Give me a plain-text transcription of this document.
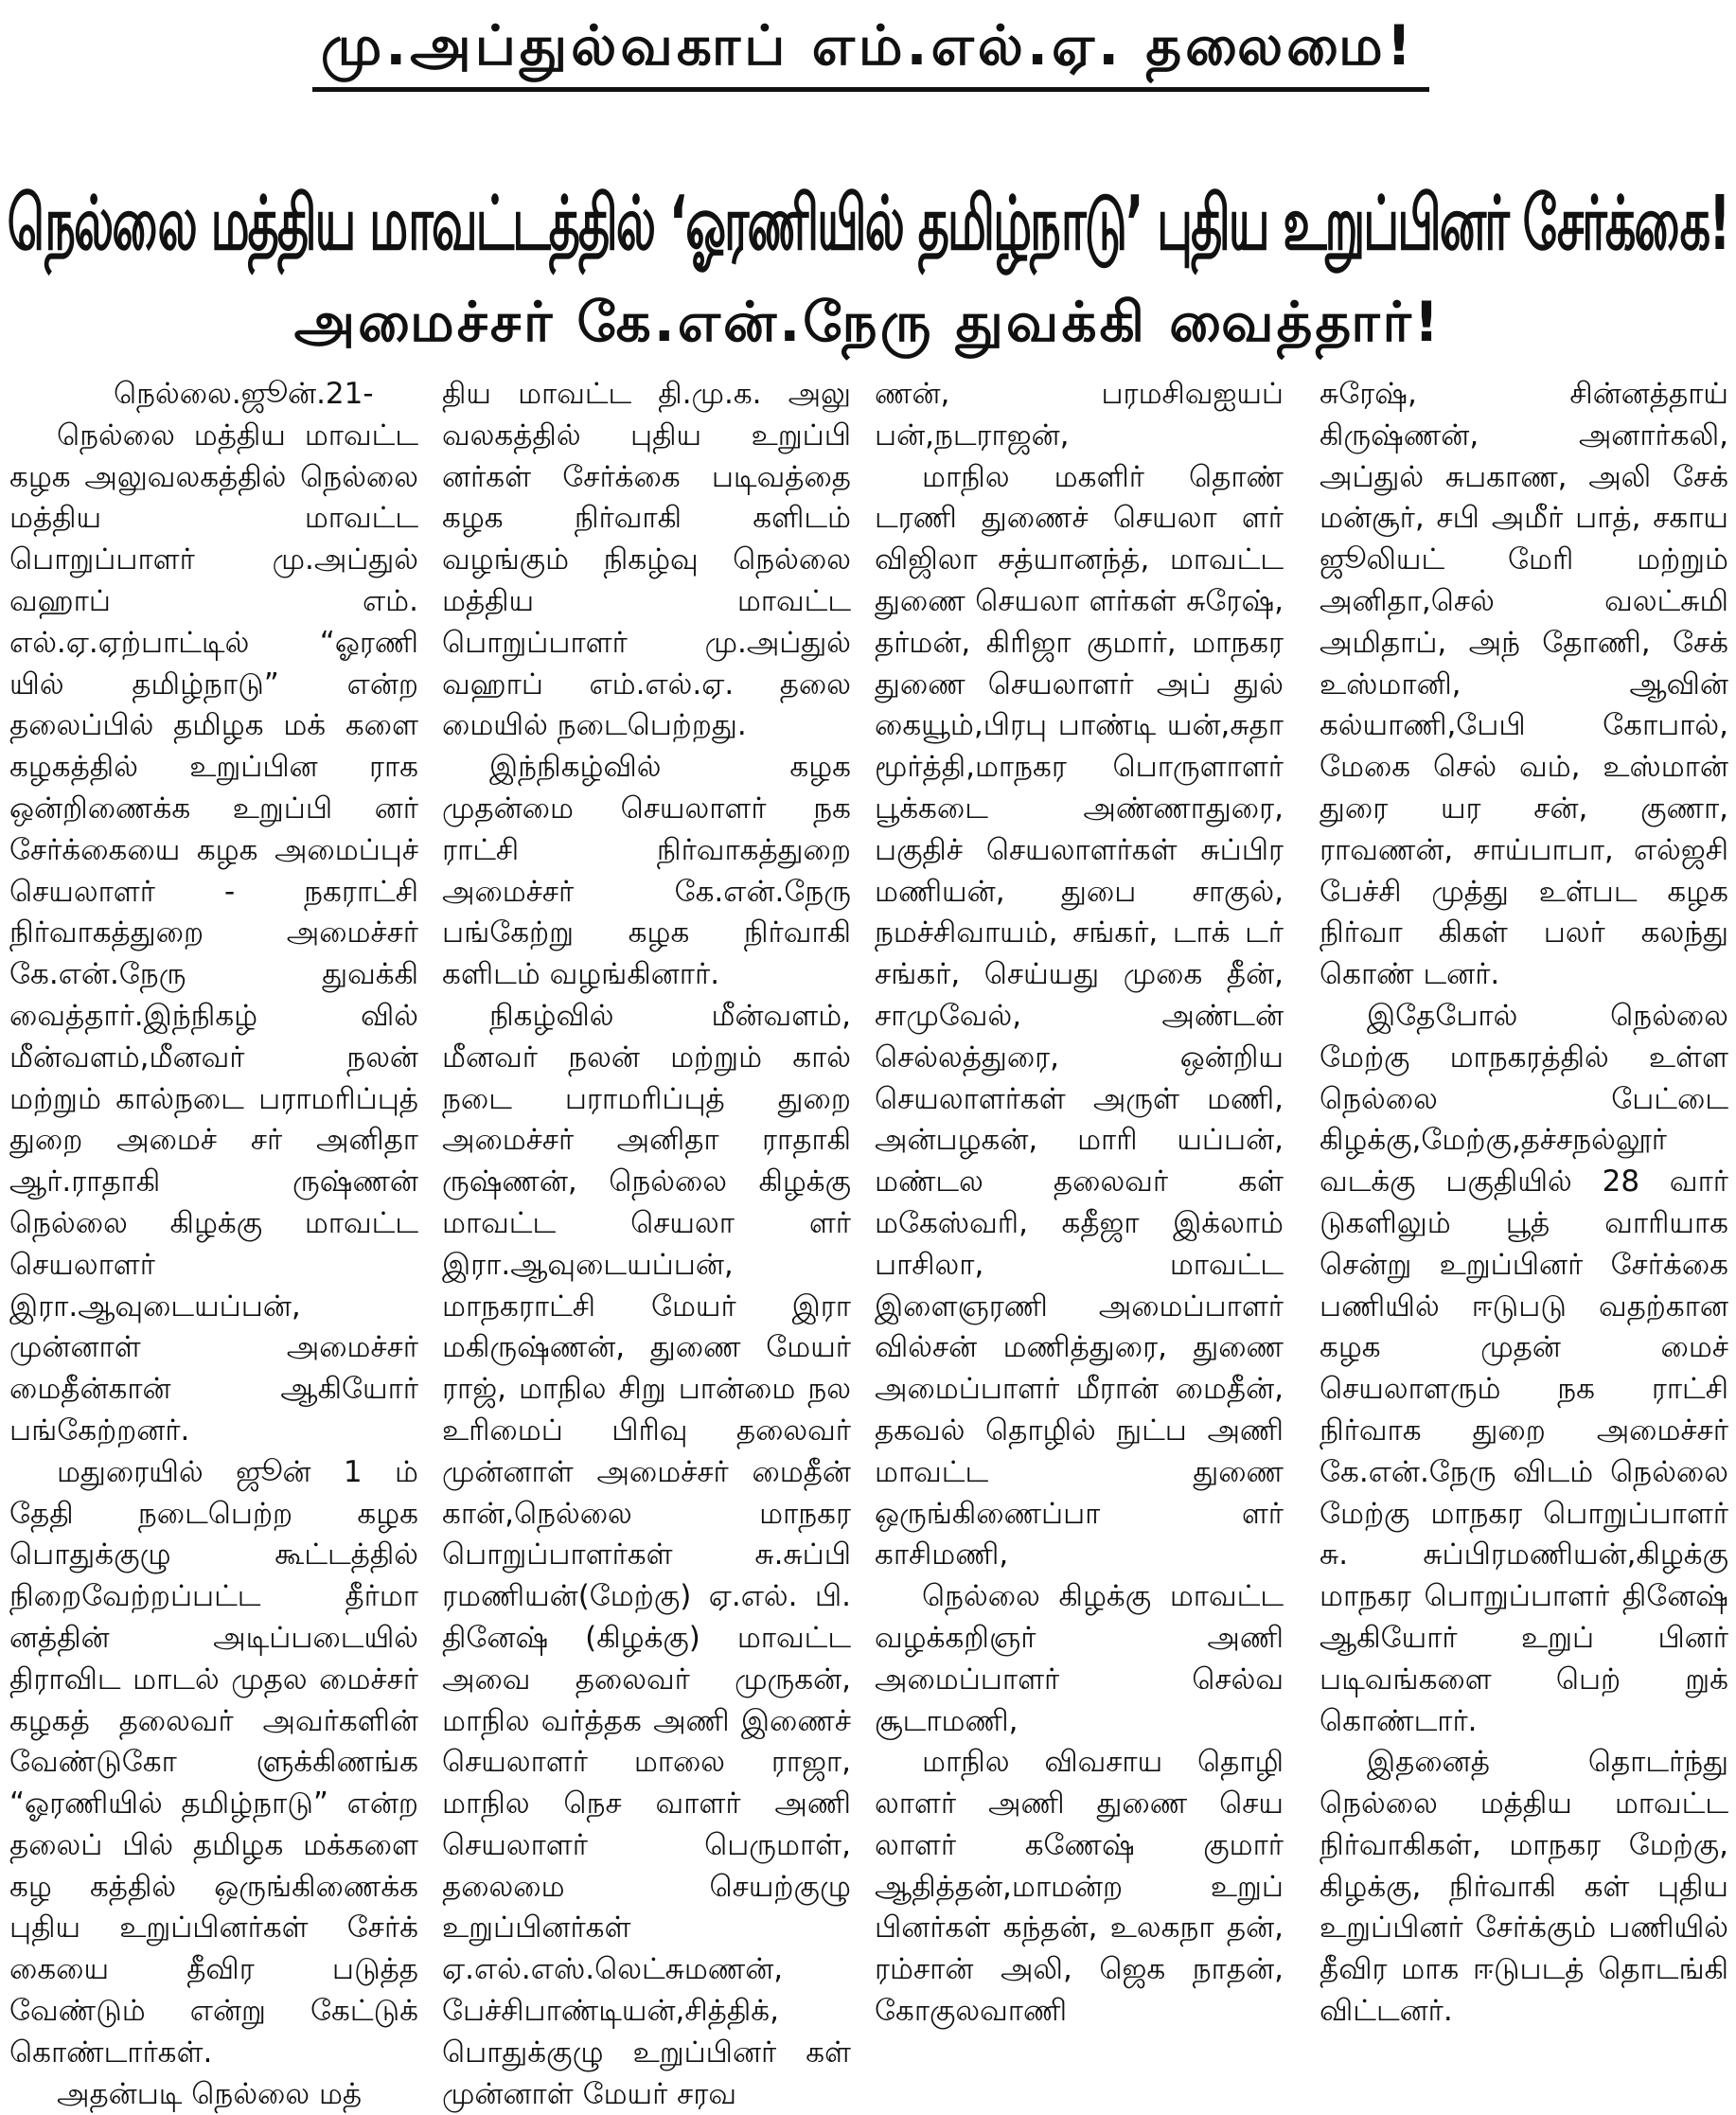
மு.அப்துல்வகாப் எம்.எல்.ஏ. தலைமை!
நெல்லை மத்திய மாவட்டத்தில் ‘ஓரணியில் தமிழ்நாடு’ புதிய உறுப்பினர் சேர்க்கை!
அமைச்சர் கே.என்.நேரு துவக்கி வைத்தார்!

நெல்லை.ஜூன்.21-

நெல்லை மத்திய மாவட்ட கழக அலுவலகத்தில் நெல்லை மத்திய மாவட்ட பொறுப்பாளர் மு.அப்துல் வஹாப் எம். எல்.ஏ.ஏற்பாட்டில் “ஓரணி யில் தமிழ்நாடு” என்ற தலைப்பில் தமிழக மக் களை கழகத்தில் உறுப்பின ராக ஒன்றிணைக்க உறுப்பி னர் சேர்க்கையை கழக அமைப்புச் செயலாளர் - நகராட்சி நிர்வாகத்துறை அமைச்சர் கே.என்.நேரு துவக்கி வைத்தார்.இந்நிகழ் வில் மீன்வளம்,மீனவர் நலன் மற்றும் கால்நடை பராமரிப்புத் துறை அமைச் சர் அனிதா ஆர்.ராதாகி ருஷ்ணன் நெல்லை கிழக்கு மாவட்ட செயலாளர் இரா.ஆவுடையப்பன், முன்னாள் அமைச்சர் மைதீன்கான் ஆகியோர் பங்கேற்றனர்.

மதுரையில் ஜூன் 1 ம் தேதி நடைபெற்ற கழக பொதுக்குழு கூட்டத்தில் நிறைவேற்றப்பட்ட தீர்மா னத்தின் அடிப்படையில் திராவிட மாடல் முதல மைச்சர் கழகத் தலைவர் அவர்களின் வேண்டுகோ ளுக்கிணங்க “ஓரணியில் தமிழ்நாடு” என்ற தலைப் பில் தமிழக மக்களை கழ கத்தில் ஒருங்கிணைக்க புதிய உறுப்பினர்கள் சேர்க் கையை தீவிர படுத்த வேண்டும் என்று கேட்டுக் கொண்டார்கள்.

அதன்படி நெல்லை மத்

திய மாவட்ட தி.மு.க. அலு வலகத்தில் புதிய உறுப்பி னர்கள் சேர்க்கை படிவத்தை கழக நிர்வாகி களிடம் வழங்கும் நிகழ்வு நெல்லை மத்திய மாவட்ட பொறுப்பாளர் மு.அப்துல் வஹாப் எம்.எல்.ஏ. தலை மையில் நடைபெற்றது.

இந்நிகழ்வில் கழக முதன்மை செயலாளர் நக ராட்சி நிர்வாகத்துறை அமைச்சர் கே.என்.நேரு பங்கேற்று கழக நிர்வாகி களிடம் வழங்கினார்.

நிகழ்வில் மீன்வளம், மீனவர் நலன் மற்றும் கால் நடை பராமரிப்புத் துறை அமைச்சர் அனிதா ராதாகி ருஷ்ணன், நெல்லை கிழக்கு மாவட்ட செயலா ளர் இரா.ஆவுடையப்பன், மாநகராட்சி மேயர் இரா மகிருஷ்ணன், துணை மேயர் ராஜ், மாநில சிறு பான்மை நல உரிமைப் பிரிவு தலைவர் முன்னாள் அமைச்சர் மைதீன் கான்,நெல்லை மாநகர பொறுப்பாளர்கள் சு.சுப்பி ரமணியன்(மேற்கு) ஏ.எல். பி. தினேஷ் (கிழக்கு) மாவட்ட அவை தலைவர் முருகன், மாநில வர்த்தக அணி இணைச் செயலாளர் மாலை ராஜா, மாநில நெச வாளர் அணி செயலாளர் பெருமாள், தலைமை செயற்குழு உறுப்பினர்கள் ஏ.எல்.எஸ்.லெட்சுமணன், பேச்சிபாண்டியன்,சித்திக், பொதுக்குழு உறுப்பினர் கள் முன்னாள் மேயர் சரவ

ணன், பரமசிவஐயப் பன்,நடராஜன்,

மாநில மகளிர் தொண் டரணி துணைச் செயலா ளர் விஜிலா சத்யானந்த், மாவட்ட துணை செயலா ளர்கள் சுரேஷ், தர்மன், கிரிஜா குமார், மாநகர துணை செயலாளர் அப் துல் கையூம்,பிரபு பாண்டி யன்,சுதா மூர்த்தி,மாநகர பொருளாளர் பூக்கடை அண்ணாதுரை, பகுதிச் செயலாளர்கள் சுப்பிர மணியன், துபை சாகுல், நமச்சிவாயம், சங்கர், டாக் டர் சங்கர், செய்யது முகை தீன், சாமுவேல், அண்டன் செல்லத்துரை, ஒன்றிய செயலாளர்கள் அருள் மணி, அன்பழகன், மாரி யப்பன், மண்டல தலைவர் கள் மகேஸ்வரி, கதீஜா இக்லாம் பாசிலா, மாவட்ட இளைஞரணி அமைப்பாளர் வில்சன் மணித்துரை, துணை அமைப்பாளர் மீரான் மைதீன், தகவல் தொழில் நுட்ப அணி மாவட்ட துணை ஒருங்கிணைப்பா ளர் காசிமணி,

நெல்லை கிழக்கு மாவட்ட வழக்கறிஞர் அணி அமைப்பாளர் செல்வ சூடாமணி,

மாநில விவசாய தொழி லாளர் அணி துணை செய லாளர் கணேஷ் குமார் ஆதித்தன்,மாமன்ற உறுப் பினர்கள் கந்தன், உலகநா தன், ரம்சான் அலி, ஜெக நாதன், கோகுலவாணி

சுரேஷ், சின்னத்தாய் கிருஷ்ணன், அனார்கலி, அப்துல் சுபகாண, அலி சேக் மன்சூர், சபி அமீர் பாத், சகாய ஜூலியட் மேரி மற்றும் அனிதா,செல் வலட்சுமி அமிதாப், அந் தோணி, சேக் உஸ்மானி, ஆவின் கல்யாணி,பேபி கோபால், மேகை செல் வம், உஸ்மான் துரை யர சன், குணா, ராவணன், சாய்பாபா, எல்ஜசி பேச்சி முத்து உள்பட கழக நிர்வா கிகள் பலர் கலந்து கொண் டனர்.

இதேபோல் நெல்லை மேற்கு மாநகரத்தில் உள்ள நெல்லை பேட்டை கிழக்கு,மேற்கு,தச்சநல்லூர் வடக்கு பகுதியில் 28 வார் டுகளிலும் பூத் வாரியாக சென்று உறுப்பினர் சேர்க்கை பணியில் ஈடுபடு வதற்கான கழக முதன் மைச் செயலாளரும் நக ராட்சி நிர்வாக துறை அமைச்சர் கே.என்.நேரு விடம் நெல்லை மேற்கு மாநகர பொறுப்பாளர் சு. சுப்பிரமணியன்,கிழக்கு மாநகர பொறுப்பாளர் தினேஷ் ஆகியோர் உறுப் பினர் படிவங்களை பெற் றுக் கொண்டார்.

இதனைத் தொடர்ந்து நெல்லை மத்திய மாவட்ட நிர்வாகிகள், மாநகர மேற்கு, கிழக்கு, நிர்வாகி கள் புதிய உறுப்பினர் சேர்க்கும் பணியில் தீவிர மாக ஈடுபடத் தொடங்கி விட்டனர்.
